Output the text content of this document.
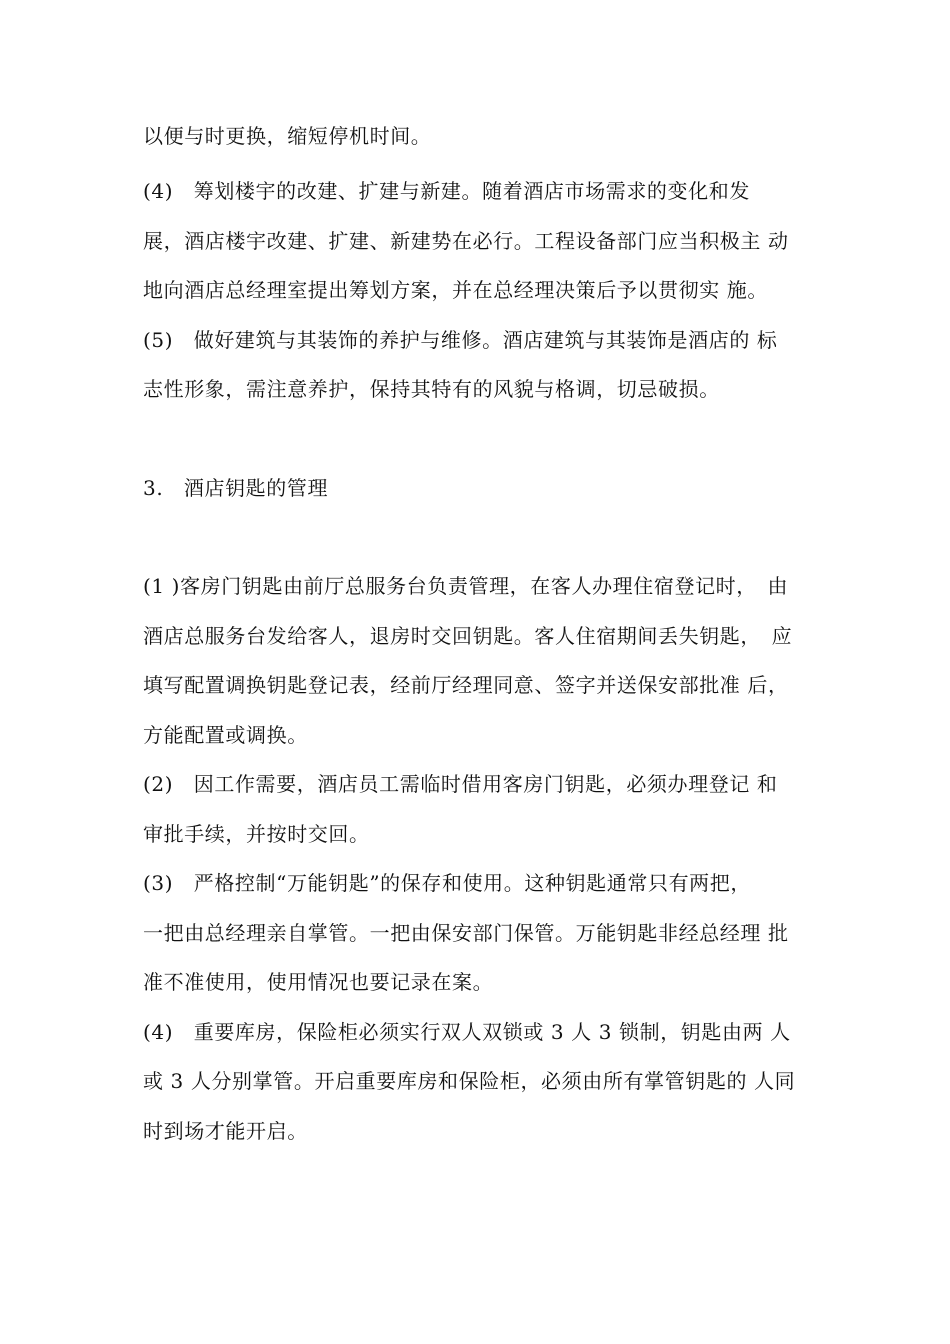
以便与时更换，缩短停机时间。
(4)　筹划楼宇的改建、扩建与新建。随着酒店市场需求的变化和发
展，酒店楼宇改建、扩建、新建势在必行。工程设备部门应当积极主 动
地向酒店总经理室提出筹划方案，并在总经理决策后予以贯彻实 施。
(5)　做好建筑与其装饰的养护与维修。酒店建筑与其装饰是酒店的 标
志性形象，需注意养护，保持其特有的风貌与格调，切忌破损。
3.　酒店钥匙的管理
(1 )客房门钥匙由前厅总服务台负责管理，在客人办理住宿登记时，　由
酒店总服务台发给客人，退房时交回钥匙。客人住宿期间丢失钥匙，　应
填写配置调换钥匙登记表，经前厅经理同意、签字并送保安部批准 后，
方能配置或调换。
(2)　因工作需要，酒店员工需临时借用客房门钥匙，必须办理登记 和
审批手续，并按时交回。
(3)　严格控制“万能钥匙”的保存和使用。这种钥匙通常只有两把，
一把由总经理亲自掌管。一把由保安部门保管。万能钥匙非经总经理 批
准不准使用，使用情况也要记录在案。
(4)　重要库房，保险柜必须实行双人双锁或 3 人 3 锁制，钥匙由两 人
或 3 人分别掌管。开启重要库房和保险柜，必须由所有掌管钥匙的 人同
时到场才能开启。
